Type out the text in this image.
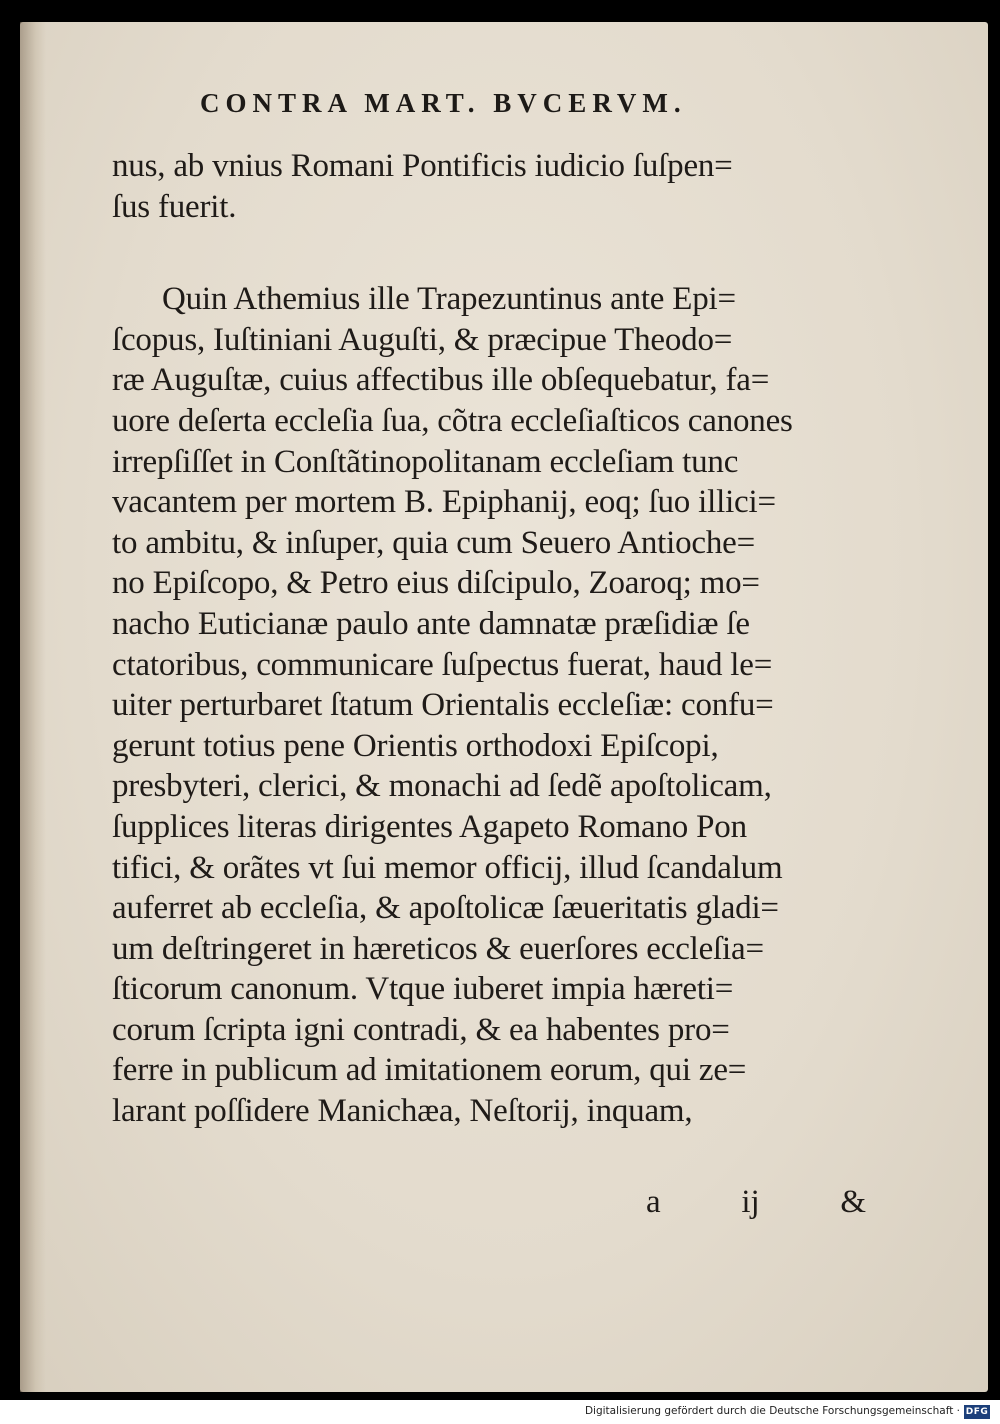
CONTRA MART. BVCERVM.
nus, ab vnius Romani Pontificis iudicio ſuſpen=
ſus fuerit.
Quin Athemius ille Trapezuntinus ante Epi=
ſcopus, Iuſtiniani Auguſti, & præcipue Theodo=
ræ Auguſtæ, cuius affectibus ille obſequebatur, fa=
uore deſerta eccleſia ſua, cõtra eccleſiaſticos canones
irrepſiſſet in Conſtãtinopolitanam eccleſiam tunc
vacantem per mortem B. Epiphanij, eoq; ſuo illici=
to ambitu, & inſuper, quia cum Seuero Antioche=
no Epiſcopo, & Petro eius diſcipulo, Zoaroq; mo=
nacho Euticianæ paulo ante damnatæ præſidiæ ſe
ctatoribus, communicare ſuſpectus fuerat, haud le=
uiter perturbaret ſtatum Orientalis eccleſiæ: confu=
gerunt totius pene Orientis orthodoxi Epiſcopi,
presbyteri, clerici, & monachi ad ſedẽ apoſtolicam,
ſupplices literas dirigentes Agapeto Romano Pon
tifici, & orãtes vt ſui memor officij, illud ſcandalum
auferret ab eccleſia, & apoſtolicæ ſæueritatis gladi=
um deſtringeret in hæreticos & euerſores eccleſia=
ſticorum canonum. Vtque iuberet impia hæreti=
corum ſcripta igni contradi, & ea habentes pro=
ferre in publicum ad imitationem eorum, qui ze=
larant poſſidere Manichæa, Neſtorij, inquam,
a ij &
Digitalisierung gefördert durch die Deutsche Forschungsgemeinschaft · DFG
